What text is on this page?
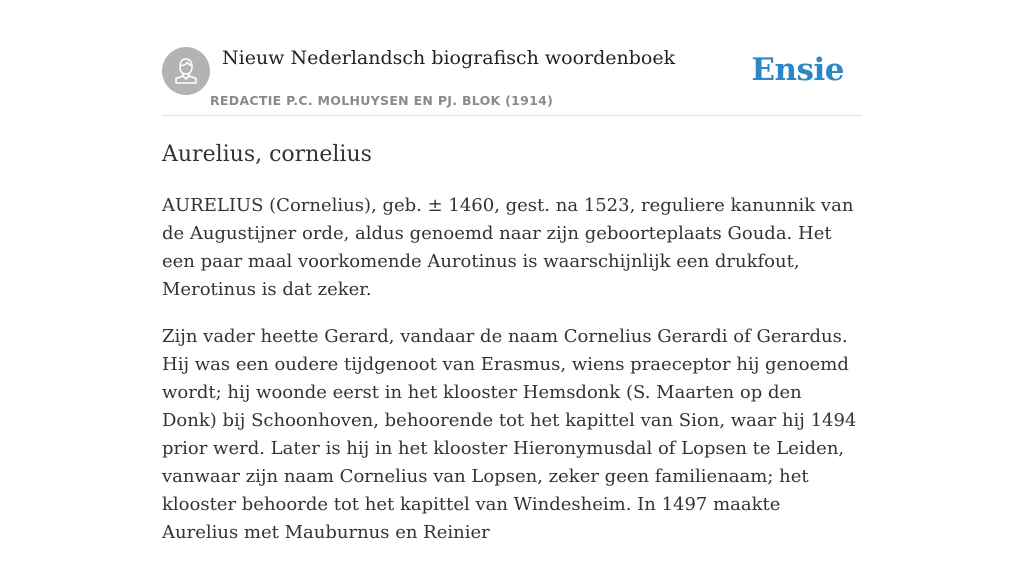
Nieuw Nederlandsch biografisch woordenboek
REDACTIE P.C. MOLHUYSEN EN PJ. BLOK (1914)
Ensie
Aurelius, cornelius

AURELIUS (Cornelius), geb. ± 1460, gest. na 1523, reguliere kanunnik van de Augustijner orde, aldus genoemd naar zijn geboorteplaats Gouda. Het een paar maal voorkomende Aurotinus is waarschijnlijk een drukfout, Merotinus is dat zeker.

Zijn vader heette Gerard, vandaar de naam Cornelius Gerardi of Gerardus. Hij was een oudere tijdgenoot van Erasmus, wiens praeceptor hij genoemd wordt; hij woonde eerst in het klooster Hemsdonk (S. Maarten op den Donk) bij Schoonhoven, behoorende tot het kapittel van Sion, waar hij 1494 prior werd. Later is hij in het klooster Hieronymusdal of Lopsen te Leiden, vanwaar zijn naam Cornelius van Lopsen, zeker geen familienaam; het klooster behoorde tot het kapittel van Windesheim. In 1497 maakte Aurelius met Mauburnus en Reinier
